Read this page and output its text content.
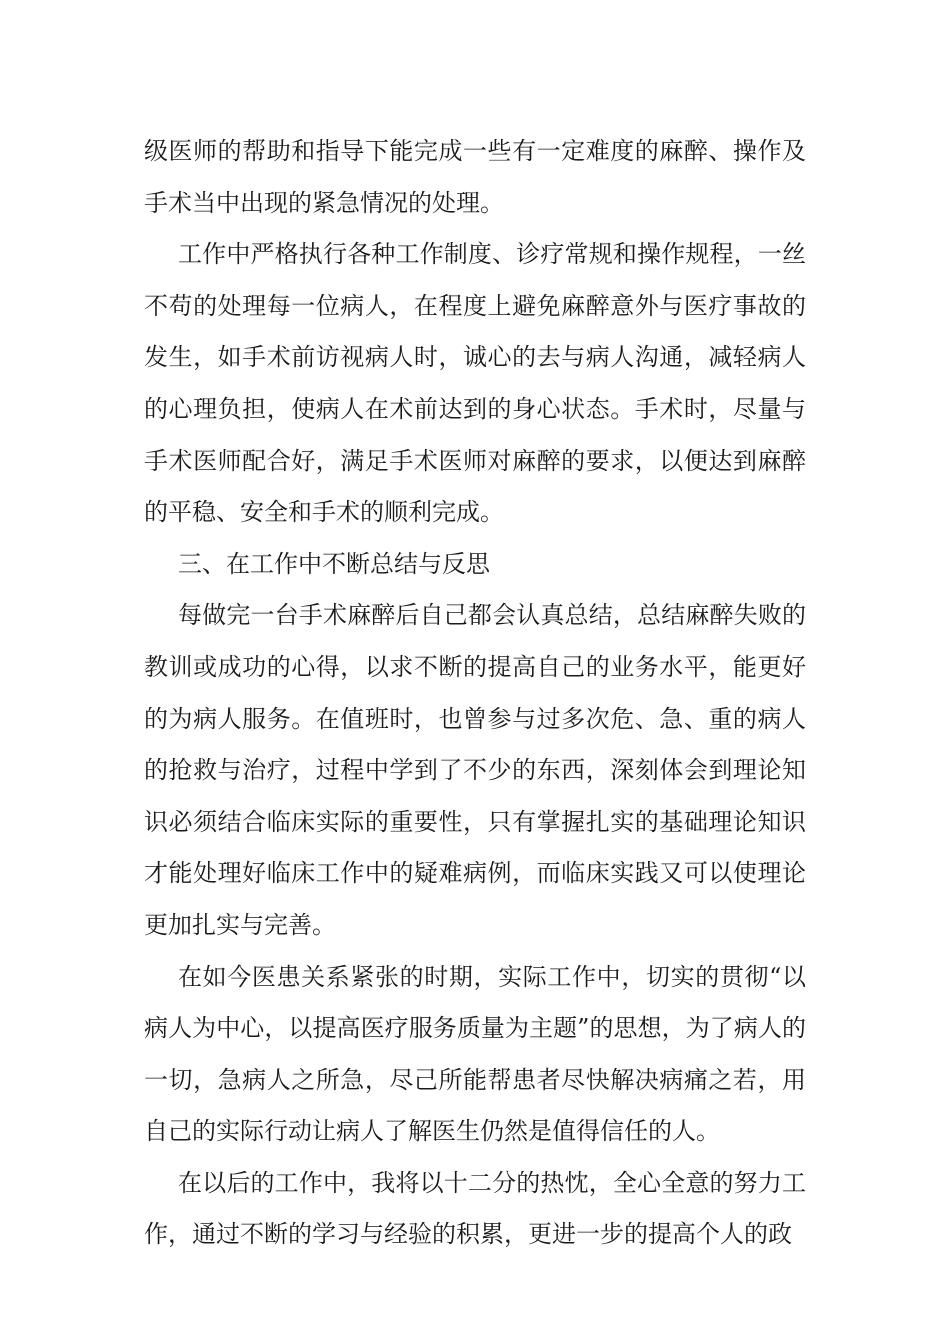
级医师的帮助和指导下能完成一些有一定难度的麻醉、操作及手术当中出现的紧急情况的处理。

工作中严格执行各种工作制度、诊疗常规和操作规程，一丝不苟的处理每一位病人，在程度上避免麻醉意外与医疗事故的发生，如手术前访视病人时，诚心的去与病人沟通，减轻病人的心理负担，使病人在术前达到的身心状态。手术时，尽量与手术医师配合好，满足手术医师对麻醉的要求，以便达到麻醉的平稳、安全和手术的顺利完成。

三、在工作中不断总结与反思

每做完一台手术麻醉后自己都会认真总结，总结麻醉失败的教训或成功的心得，以求不断的提高自己的业务水平，能更好的为病人服务。在值班时，也曾参与过多次危、急、重的病人的抢救与治疗，过程中学到了不少的东西，深刻体会到理论知识必须结合临床实际的重要性，只有掌握扎实的基础理论知识才能处理好临床工作中的疑难病例，而临床实践又可以使理论更加扎实与完善。

在如今医患关系紧张的时期，实际工作中，切实的贯彻“以病人为中心，以提高医疗服务质量为主题”的思想，为了病人的一切，急病人之所急，尽己所能帮患者尽快解决病痛之若，用自己的实际行动让病人了解医生仍然是值得信任的人。

在以后的工作中，我将以十二分的热忱，全心全意的努力工作，通过不断的学习与经验的积累，更进一步的提高个人的政
